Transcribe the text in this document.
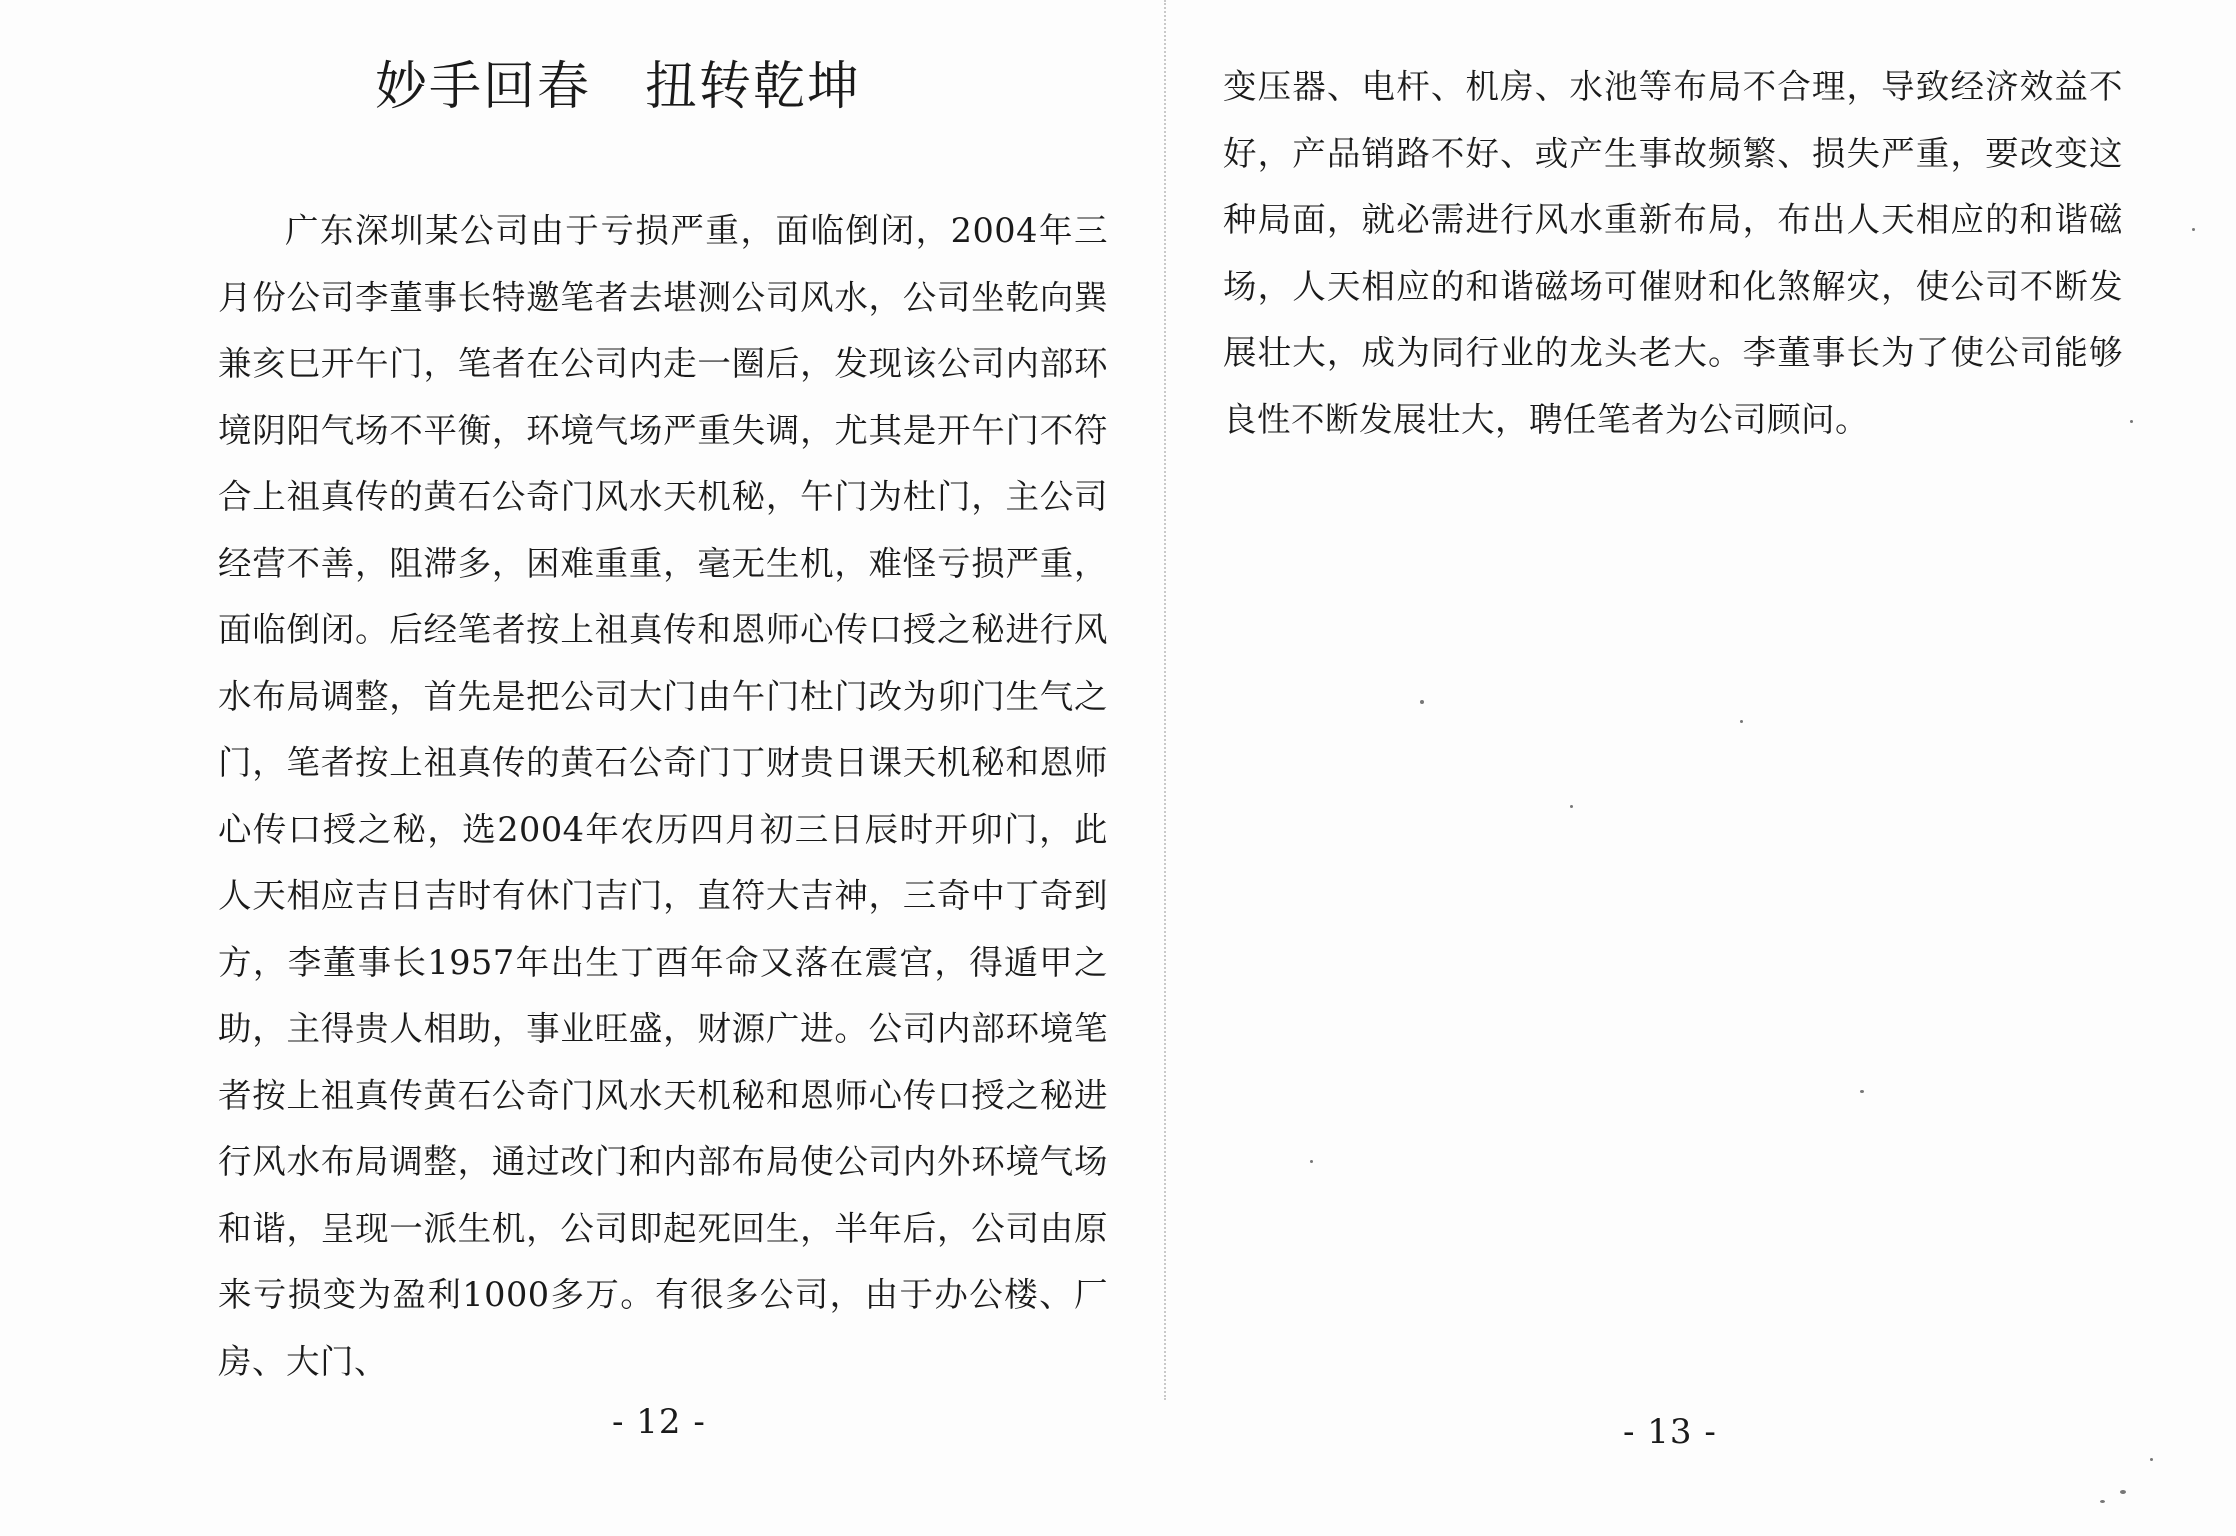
妙手回春　扭转乾坤

广东深圳某公司由于亏损严重，面临倒闭，2004年三月份公司李董事长特邀笔者去堪测公司风水，公司坐乾向巽兼亥巳开午门，笔者在公司内走一圈后，发现该公司内部环境阴阳气场不平衡，环境气场严重失调，尤其是开午门不符合上祖真传的黄石公奇门风水天机秘，午门为杜门，主公司经营不善，阻滞多，困难重重，毫无生机，难怪亏损严重，面临倒闭。后经笔者按上祖真传和恩师心传口授之秘进行风水布局调整，首先是把公司大门由午门杜门改为卯门生气之门，笔者按上祖真传的黄石公奇门丁财贵日课天机秘和恩师心传口授之秘，选2004年农历四月初三日辰时开卯门，此人天相应吉日吉时有休门吉门，直符大吉神，三奇中丁奇到方，李董事长1957年出生丁酉年命又落在震宫，得遁甲之助，主得贵人相助，事业旺盛，财源广进。公司内部环境笔者按上祖真传黄石公奇门风水天机秘和恩师心传口授之秘进行风水布局调整，通过改门和内部布局使公司内外环境气场和谐，呈现一派生机，公司即起死回生，半年后，公司由原来亏损变为盈利1000多万。有很多公司，由于办公楼、厂房、大门、

- 12 -

变压器、电杆、机房、水池等布局不合理，导致经济效益不好，产品销路不好、或产生事故频繁、损失严重，要改变这种局面，就必需进行风水重新布局，布出人天相应的和谐磁场，人天相应的和谐磁场可催财和化煞解灾，使公司不断发展壮大，成为同行业的龙头老大。李董事长为了使公司能够良性不断发展壮大，聘任笔者为公司顾问。

- 13 -
